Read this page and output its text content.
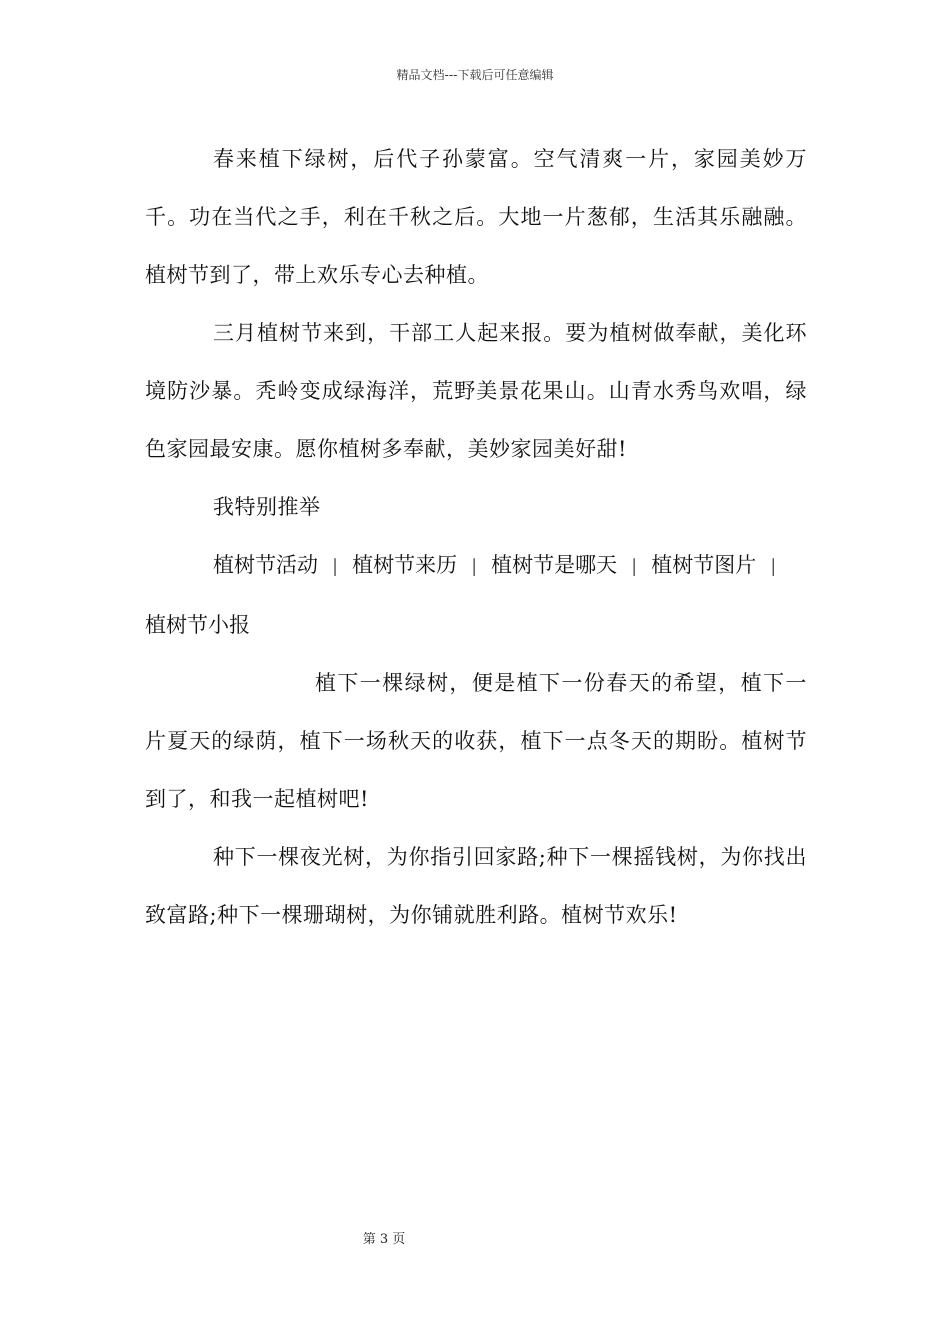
精品文档---下载后可任意编辑

春来植下绿树，后代子孙蒙富。空气清爽一片，家园美妙万千。功在当代之手，利在千秋之后。大地一片葱郁，生活其乐融融。植树节到了，带上欢乐专心去种植。

三月植树节来到，干部工人起来报。要为植树做奉献，美化环境防沙暴。秃岭变成绿海洋，荒野美景花果山。山青水秀鸟欢唱，绿色家园最安康。愿你植树多奉献，美妙家园美好甜!

我特别推举

植树节活动 | 植树节来历 | 植树节是哪天 | 植树节图片 |植树节小报

植下一棵绿树，便是植下一份春天的希望，植下一片夏天的绿荫，植下一场秋天的收获，植下一点冬天的期盼。植树节到了，和我一起植树吧!

种下一棵夜光树，为你指引回家路;种下一棵摇钱树，为你找出致富路;种下一棵珊瑚树，为你铺就胜利路。植树节欢乐!

第 3 页
